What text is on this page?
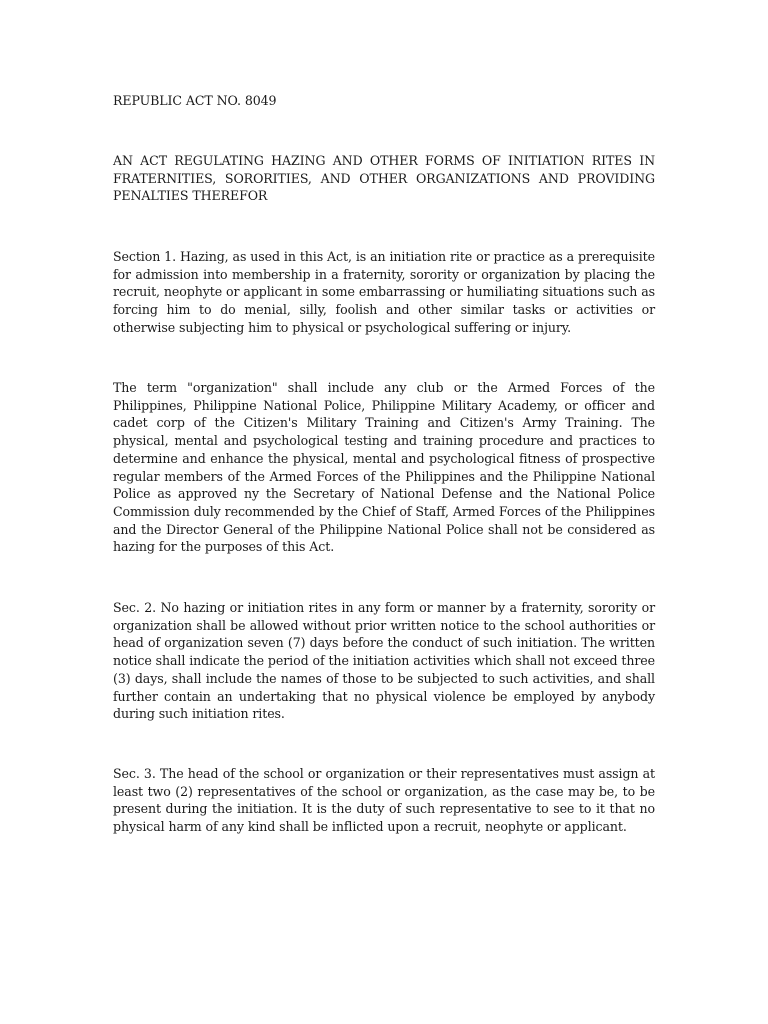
REPUBLIC ACT NO. 8049

AN ACT REGULATING HAZING AND OTHER FORMS OF INITIATION RITES IN FRATERNITIES, SORORITIES, AND OTHER ORGANIZATIONS AND PROVIDING PENALTIES THEREFOR

Section 1. Hazing, as used in this Act, is an initiation rite or practice as a prerequisite for admission into membership in a fraternity, sorority or organization by placing the recruit, neophyte or applicant in some embarrassing or humiliating situations such as forcing him to do menial, silly, foolish and other similar tasks or activities or otherwise subjecting him to physical or psychological suffering or injury.

The term "organization" shall include any club or the Armed Forces of the Philippines, Philippine National Police, Philippine Military Academy, or officer and cadet corp of the Citizen's Military Training and Citizen's Army Training. The physical, mental and psychological testing and training procedure and practices to determine and enhance the physical, mental and psychological fitness of prospective regular members of the Armed Forces of the Philippines and the Philippine National Police as approved ny the Secretary of National Defense and the National Police Commission duly recommended by the Chief of Staff, Armed Forces of the Philippines and the Director General of the Philippine National Police shall not be considered as hazing for the purposes of this Act.

Sec. 2. No hazing or initiation rites in any form or manner by a fraternity, sorority or organization shall be allowed without prior written notice to the school authorities or head of organization seven (7) days before the conduct of such initiation. The written notice shall indicate the period of the initiation activities which shall not exceed three (3) days, shall include the names of those to be subjected to such activities, and shall further contain an undertaking that no physical violence be employed by anybody during such initiation rites.

Sec. 3. The head of the school or organization or their representatives must assign at least two (2) representatives of the school or organization, as the case may be, to be present during the initiation. It is the duty of such representative to see to it that no physical harm of any kind shall be inflicted upon a recruit, neophyte or applicant.
